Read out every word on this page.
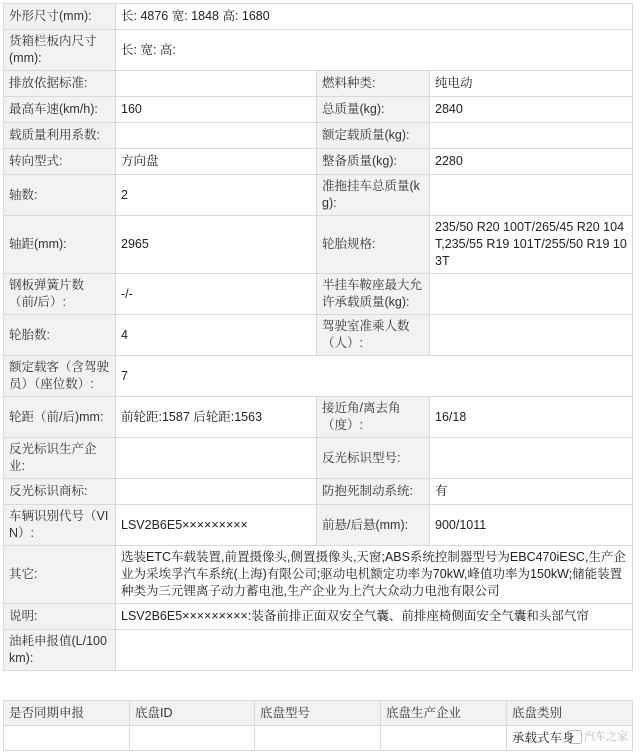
外形尺寸(mm):	长: 4876 宽: 1848 高: 1680		
货箱栏板内尺寸(mm):	长: 宽: 高:		
排放依据标准:		燃料种类:	纯电动
最高车速(km/h):	160	总质量(kg):	2840
载质量利用系数:		额定载质量(kg):	
转向型式:	方向盘	整备质量(kg):	2280
轴数:	2	准拖挂车总质量(kg):	
轴距(mm):	2965	轮胎规格:	235/50 R20 100T/265/45 R20 104T,235/55 R19 101T/255/50 R19 103T
钢板弹簧片数（前/后）:	-/-	半挂车鞍座最大允许承载质量(kg):	
轮胎数:	4	驾驶室准乘人数（人）:	
额定载客（含驾驶员）（座位数）:	7		
轮距（前/后)mm:	前轮距:1587 后轮距:1563	接近角/离去角（度）:	16/18
反光标识生产企业:		反光标识型号:	
反光标识商标:		防抱死制动系统:	有
车辆识别代号（VIN）:	LSV2B6E5×××××××××	前悬/后悬(mm):	900/1011
其它:	选装ETC车载装置,前置摄像头,侧置摄像头,天窗;ABS系统控制器型号为EBC470iESC,生产企业为采埃孚汽车系统(上海)有限公司;驱动电机额定功率为70kW,峰值功率为150kW;储能装置种类为三元锂离子动力蓄电池,生产企业为上汽大众动力电池有限公司		
说明:	LSV2B6E5×××××××××:装备前排正面双安全气囊、前排座椅侧面安全气囊和头部气帘		
油耗申报值(L/100km):			
是否同期申报	底盘ID	底盘型号	底盘生产企业	底盘类别
				承载式车身 汽车之家
